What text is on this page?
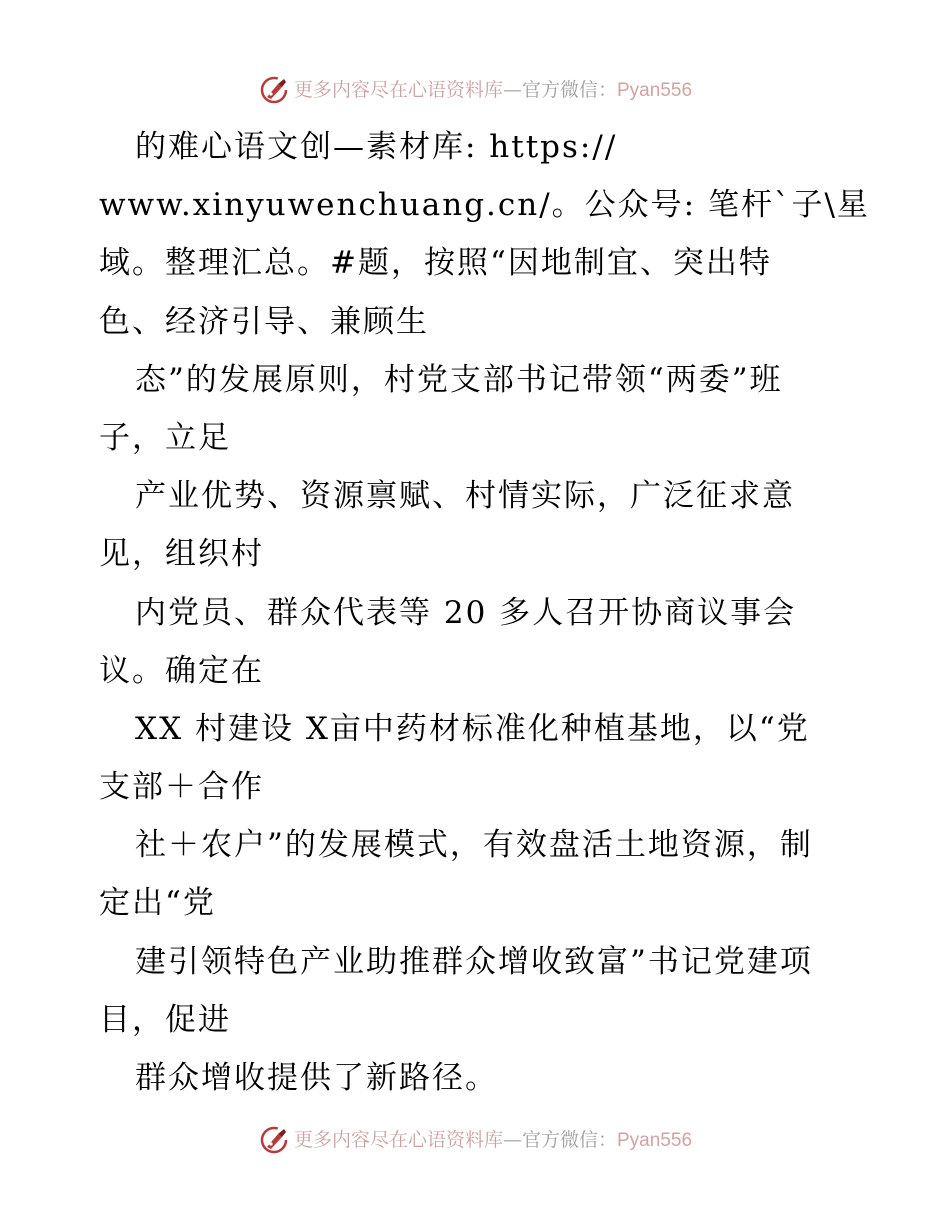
更多内容尽在心语资料库 — 官方微信： Pyan556
的难心语文创—素材库: https://
www.xinyuwenchuang.cn/。公众号: 笔杆`子\星
域。整理汇总。#题，按照“因地制宜、突出特
色、经济引导、兼顾生
态”的发展原则，村党支部书记带领“两委”班
子，立足
产业优势、资源禀赋、村情实际，广泛征求意
见，组织村
内党员、群众代表等 20 多人召开协商议事会
议。确定在
XX 村建设 X亩中药材标准化种植基地，以“党
支部＋合作
社＋农户”的发展模式，有效盘活土地资源，制
定出“党
建引领特色产业助推群众增收致富”书记党建项
目，促进
群众增收提供了新路径。
更多内容尽在心语资料库 — 官方微信： Pyan556
